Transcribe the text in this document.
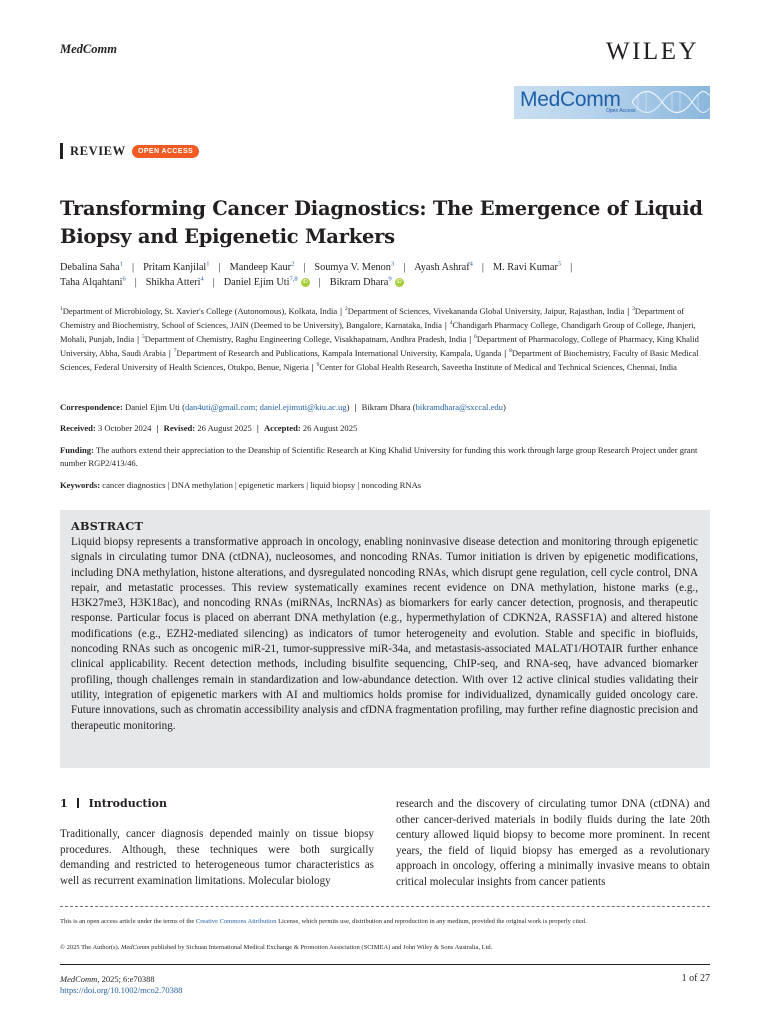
MedComm	WILEY
MedComm
Open Access
REVIEW	OPEN ACCESS
Transforming Cancer Diagnostics: The Emergence of Liquid Biopsy and Epigenetic Markers
Debalina Saha$^1$ | Pritam Kanjilal$^1$ | Mandeep Kaur$^2$ | Soumya V. Menon$^3$ | Ayash Ashraf$^4$ | M. Ravi Kumar$^5$ |
Taha Alqahtani$^6$ | Shikha Atteri$^4$ | Daniel Ejim Uti$^{7,8}$ iD | Bikram Dhara$^9$ iD
$^1$Department of Microbiology, St. Xavier's College (Autonomous), Kolkata, India | $^2$Department of Sciences, Vivekananda Global University, Jaipur, Rajasthan, India | $^3$Department of Chemistry and Biochemistry, School of Sciences, JAIN (Deemed to be University), Bangalore, Karnataka, India | $^4$Chandigarh Pharmacy College, Chandigarh Group of College, Jhanjeri, Mohali, Punjab, India | $^5$Department of Chemistry, Raghu Engineering College, Visakhapatnam, Andhra Pradesh, India | $^6$Department of Pharmacology, College of Pharmacy, King Khalid University, Abha, Saudi Arabia | $^7$Department of Research and Publications, Kampala International University, Kampala, Uganda | $^8$Department of Biochemistry, Faculty of Basic Medical Sciences, Federal University of Health Sciences, Otukpo, Benue, Nigeria | $^9$Center for Global Health Research, Saveetha Institute of Medical and Technical Sciences, Chennai, India
Correspondence: Daniel Ejim Uti (dan4uti@gmail.com; daniel.ejimuti@kiu.ac.ug) | Bikram Dhara (bikramdhara@sxccal.edu)
Received: 3 October 2024 | Revised: 26 August 2025 | Accepted: 26 August 2025
Funding: The authors extend their appreciation to the Deanship of Scientific Research at King Khalid University for funding this work through large group Research Project under grant number RGP2/413/46.
Keywords: cancer diagnostics | DNA methylation | epigenetic markers | liquid biopsy | noncoding RNAs
ABSTRACT

Liquid biopsy represents a transformative approach in oncology, enabling noninvasive disease detection and monitoring through epigenetic signals in circulating tumor DNA (ctDNA), nucleosomes, and noncoding RNAs. Tumor initiation is driven by epigenetic modifications, including DNA methylation, histone alterations, and dysregulated noncoding RNAs, which disrupt gene regulation, cell cycle control, DNA repair, and metastatic processes. This review systematically examines recent evidence on DNA methylation, histone marks (e.g., H3K27me3, H3K18ac), and noncoding RNAs (miRNAs, lncRNAs) as biomarkers for early cancer detection, prognosis, and therapeutic response. Particular focus is placed on aberrant DNA methylation (e.g., hypermethylation of CDKN2A, RASSF1A) and altered histone modifications (e.g., EZH2-mediated silencing) as indicators of tumor heterogeneity and evolution. Stable and specific in biofluids, noncoding RNAs such as oncogenic miR-21, tumor-suppressive miR-34a, and metastasis-associated MALAT1/HOTAIR further enhance clinical applicability. Recent detection methods, including bisulfite sequencing, ChIP-seq, and RNA-seq, have advanced biomarker profiling, though challenges remain in standardization and low-abundance detection. With over 12 active clinical studies validating their utility, integration of epigenetic markers with AI and multiomics holds promise for individualized, dynamically guided oncology care. Future innovations, such as chromatin accessibility analysis and cfDNA fragmentation profiling, may further refine diagnostic precision and therapeutic monitoring.

1 Introduction

Traditionally, cancer diagnosis depended mainly on tissue biopsy procedures. Although, these techniques were both surgically demanding and restricted to heterogeneous tumor characteristics as well as recurrent examination limitations. Molecular biology

research and the discovery of circulating tumor DNA (ctDNA) and other cancer-derived materials in bodily fluids during the late 20th century allowed liquid biopsy to become more prominent. In recent years, the field of liquid biopsy has emerged as a revolutionary approach in oncology, offering a minimally invasive means to obtain critical molecular insights from cancer patients

This is an open access article under the terms of the Creative Commons Attribution License, which permits use, distribution and reproduction in any medium, provided the original work is properly cited.
© 2025 The Author(s). MedComm published by Sichuan International Medical Exchange & Promotion Association (SCIMEA) and John Wiley & Sons Australia, Ltd.
MedComm, 2025; 6:e70388
https://doi.org/10.1002/mco2.70388
1 of 27
